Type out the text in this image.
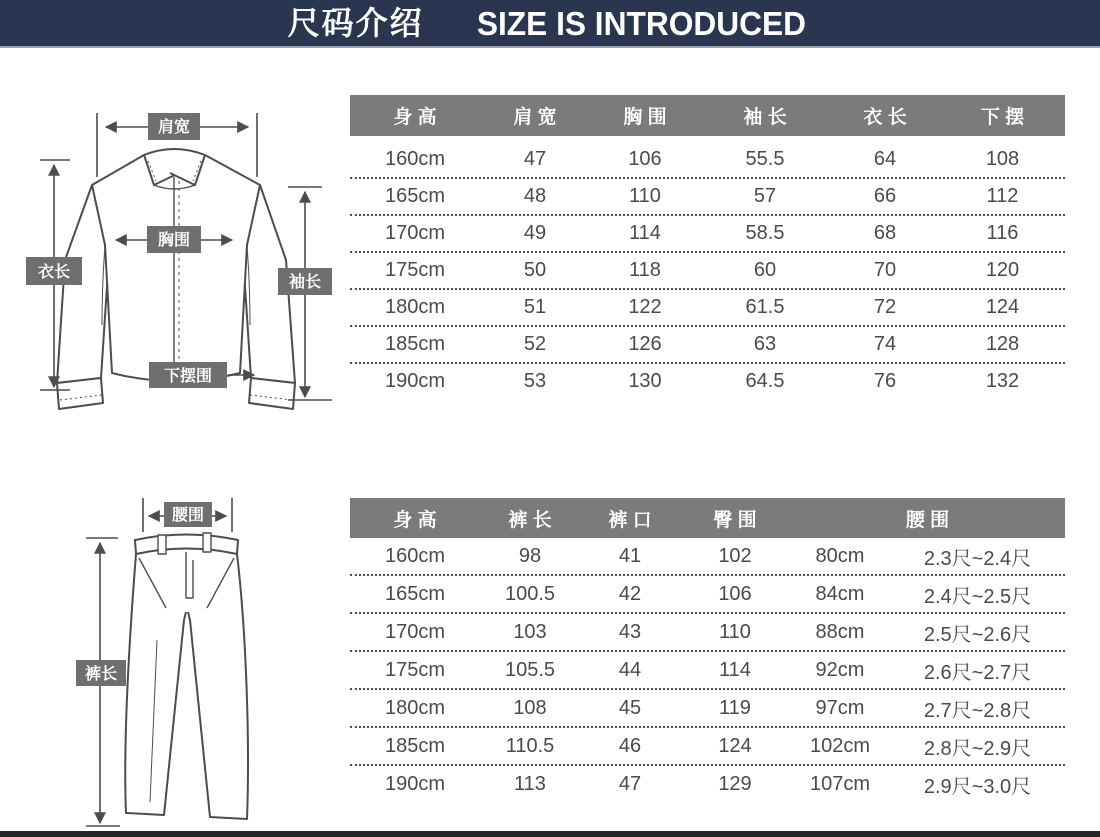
尺码介绍 SIZE IS INTRODUCED
肩宽
胸围
衣长
袖长
下摆围
身 高	肩 宽	胸 围	袖 长	衣 长	下 摆
160cm	47	106	55.5	64	108
165cm	48	110	57	66	112
170cm	49	114	58.5	68	116
175cm	50	118	60	70	120
180cm	51	122	61.5	72	124
185cm	52	126	63	74	128
190cm	53	130	64.5	76	132
腰围
裤长
身 高	裤 长	裤 口	臀 围	腰 围
160cm	98	41	102	80cm	2.3尺~2.4尺
165cm	100.5	42	106	84cm	2.4尺~2.5尺
170cm	103	43	110	88cm	2.5尺~2.6尺
175cm	105.5	44	114	92cm	2.6尺~2.7尺
180cm	108	45	119	97cm	2.7尺~2.8尺
185cm	110.5	46	124	102cm	2.8尺~2.9尺
190cm	113	47	129	107cm	2.9尺~3.0尺
